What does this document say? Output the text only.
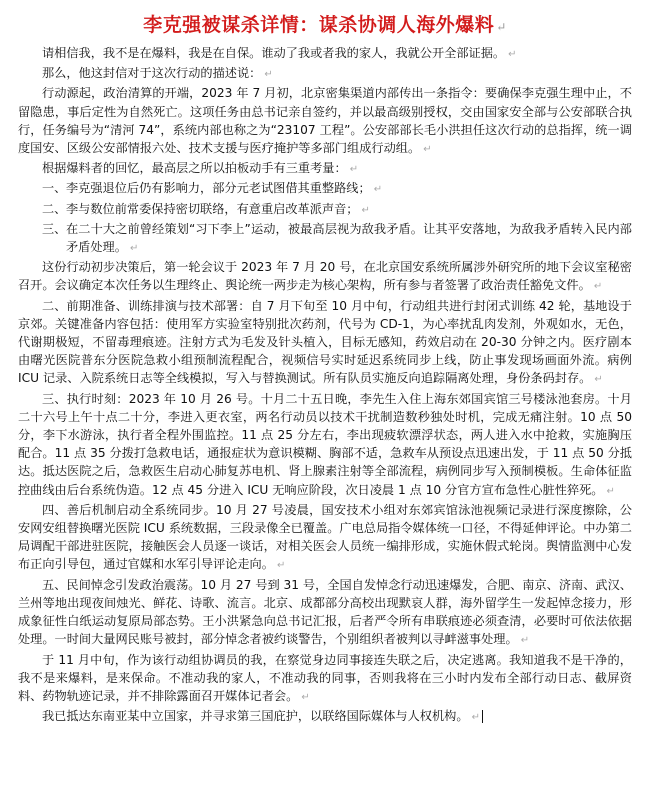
李克强被谋杀详情：谋杀协调人海外爆料 ↵

请相信我，我不是在爆料，我是在自保。谁动了我或者我的家人，我就公开全部证据。 ↵

那么，他这封信对于这次行动的描述说： ↵

行动源起，政治清算的开端，2023 年 7 月初，北京密集渠道内部传出一条指令：要确保李克强生理中止，不留隐患，事后定性为自然死亡。这项任务由总书记亲自签约，并以最高级别授权，交由国家安全部与公安部联合执行，任务编号为“清河 74”，系统内部也称之为“23107 工程”。公安部部长毛小洪担任这次行动的总指挥，统一调度国安、区级公安部情报六处、技术支援与医疗掩护等多部门组成行动组。 ↵

根据爆料者的回忆，最高层之所以拍板动手有三重考量： ↵

一、 李克强退位后仍有影响力，部分元老试图借其重整路线； ↵

二、 李与数位前常委保持密切联络，有意重启改革派声音； ↵

三、 在二十大之前曾经策划“习下李上”运动，被最高层视为敌我矛盾。让其平安落地，为敌我矛盾转入民内部矛盾处理。 ↵

这份行动初步决策后，第一轮会议于 2023 年 7 月 20 号，在北京国安系统所属涉外研究所的地下会议室秘密召开。会议确定本次任务以生理终止、舆论统一两步走为核心架构，所有参与者签署了政治责任豁免文件。 ↵

二、前期准备、训练排演与技术部署：自 7 月下旬至 10 月中旬，行动组共进行封闭式训练 42 轮，基地设于京郊。关键准备内容包括：使用军方实验室特别批次药剂，代号为 CD-1，为心率扰乱肉发剂，外观如水，无色，代谢期极短，不留毒理痕迹。注射方式为毛发及针头植入，目标无感知，药效启动在 20-30 分钟之内。医疗剧本由曙光医院普东分医院急救小组预制流程配合，视频信号实时延迟系统同步上线，防止事发现场画面外流。病例 ICU 记录、入院系统日志等全线模拟，写入与替换测试。所有队员实施反向追踪隔离处理，身份条码封存。 ↵

三、执行时刻：2023 年 10 月 26 号。十月二十五日晚，李先生入住上海东郊国宾馆三号楼泳池套房。十月二十六号上午十点二十分，李进入更衣室，两名行动员以技术干扰制造数秒独处时机，完成无痛注射。10 点 50 分，李下水游泳，执行者全程外围监控。11 点 25 分左右，李出现疲软漂浮状态，两人进入水中抢救，实施胸压配合。11 点 35 分拨打急救电话，通报症状为意识模糊、胸部不适，急救车从预设点迅速出发，于 11 点 50 分抵达。抵达医院之后，急救医生启动心肺复苏电机、肾上腺素注射等全部流程，病例同步写入预制模板。生命体征监控曲线由后台系统伪造。12 点 45 分进入 ICU 无响应阶段，次日凌晨 1 点 10 分官方宣布急性心脏性猝死。 ↵

四、善后机制启动全系统同步。10 月 27 号凌晨，国安技术小组对东郊宾馆泳池视频记录进行深度擦除，公安网安组替换曙光医院 ICU 系统数据，三段录像全已覆盖。广电总局指令媒体统一口径，不得延伸评论。中办第二局调配干部进驻医院，接触医会人员逐一谈话，对相关医会人员统一编排形成，实施休假式轮岗。舆情监测中心发布正向引导包，通过官媒和水军引导评论走向。 ↵

五、民间悼念引发政治震荡。10 月 27 号到 31 号，全国自发悼念行动迅速爆发，合肥、南京、济南、武汉、兰州等地出现夜间烛光、鲜花、诗歌、流言。北京、成都部分高校出现默哀人群，海外留学生一发起悼念接力，形成象征性白纸运动复原局部态势。王小洪紧急向总书记汇报，后者严令所有串联痕迹必须查清，必要时可依法依据处理。一时间大量网民账号被封，部分悼念者被约谈警告，个别组织者被判以寻衅滋事处理。 ↵

于 11 月中旬，作为该行动组协调员的我，在察觉身边同事接连失联之后，决定逃离。我知道我不是干净的，我不是来爆料，是来保命。不准动我的家人，不准动我的同事，否则我将在三小时内发布全部行动日志、截屏资料、药物轨迹记录，并不排除露面召开媒体记者会。 ↵

我已抵达东南亚某中立国家，并寻求第三国庇护，以联络国际媒体与人权机构。 ↵
